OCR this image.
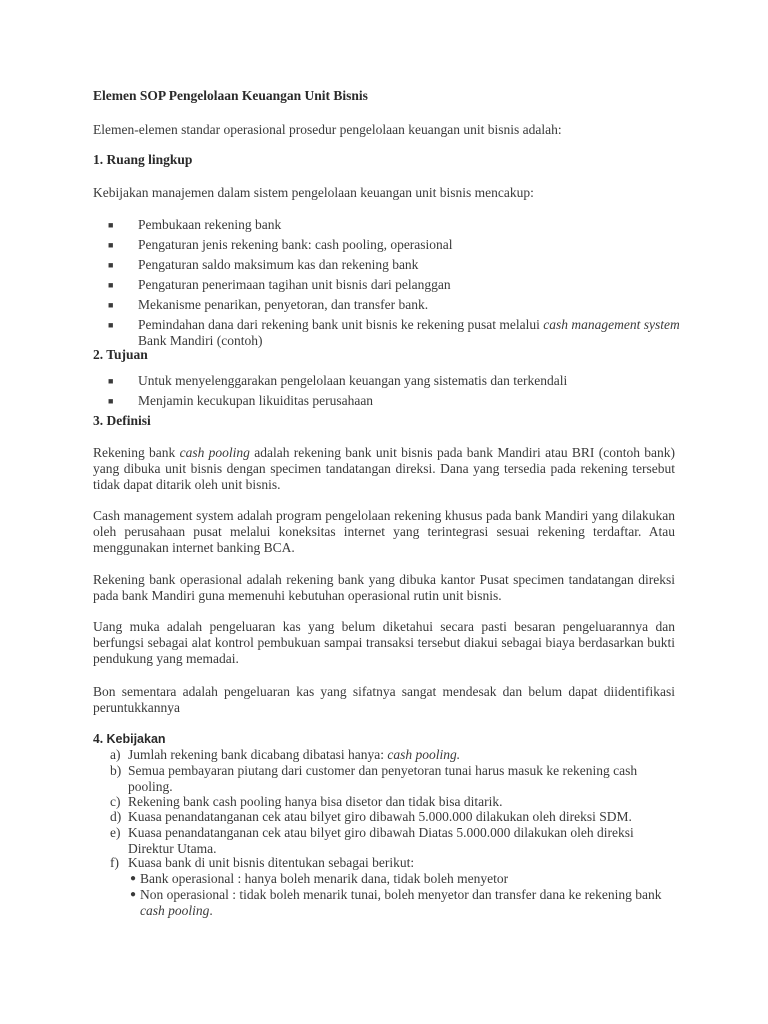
Elemen SOP Pengelolaan Keuangan Unit Bisnis
Elemen-elemen standar operasional prosedur pengelolaan keuangan unit bisnis adalah:
1. Ruang lingkup
Kebijakan manajemen dalam sistem pengelolaan keuangan unit bisnis mencakup:
■ Pembukaan rekening bank
■ Pengaturan jenis rekening bank: cash pooling, operasional
■ Pengaturan saldo maksimum kas dan rekening bank
■ Pengaturan penerimaan tagihan unit bisnis dari pelanggan
■ Mekanisme penarikan, penyetoran, dan transfer bank.
■ Pemindahan dana dari rekening bank unit bisnis ke rekening pusat melalui cash management system Bank Mandiri (contoh)
2. Tujuan
■ Untuk menyelenggarakan pengelolaan keuangan yang sistematis dan terkendali
■ Menjamin kecukupan likuiditas perusahaan
3. Definisi
Rekening bank cash pooling adalah rekening bank unit bisnis pada bank Mandiri atau BRI (contoh bank) yang dibuka unit bisnis dengan specimen tandatangan direksi. Dana yang tersedia pada rekening tersebut tidak dapat ditarik oleh unit bisnis.
Cash management system adalah program pengelolaan rekening khusus pada bank Mandiri yang dilakukan oleh perusahaan pusat melalui koneksitas internet yang terintegrasi sesuai rekening terdaftar. Atau menggunakan internet banking BCA.
Rekening bank operasional adalah rekening bank yang dibuka kantor Pusat specimen tandatangan direksi pada bank Mandiri guna memenuhi kebutuhan operasional rutin unit bisnis.
Uang muka adalah pengeluaran kas yang belum diketahui secara pasti besaran pengeluarannya dan berfungsi sebagai alat kontrol pembukuan sampai transaksi tersebut diakui sebagai biaya berdasarkan bukti pendukung yang memadai.
Bon sementara adalah pengeluaran kas yang sifatnya sangat mendesak dan belum dapat diidentifikasi peruntukkannya
4. Kebijakan
a) Jumlah rekening bank dicabang dibatasi hanya: cash pooling.
b) Semua pembayaran piutang dari customer dan penyetoran tunai harus masuk ke rekening cash pooling.
c) Rekening bank cash pooling hanya bisa disetor dan tidak bisa ditarik.
d) Kuasa penandatanganan cek atau bilyet giro dibawah 5.000.000 dilakukan oleh direksi SDM.
e) Kuasa penandatanganan cek atau bilyet giro dibawah Diatas 5.000.000 dilakukan oleh direksi Direktur Utama.
f) Kuasa bank di unit bisnis ditentukan sebagai berikut:
● Bank operasional : hanya boleh menarik dana, tidak boleh menyetor
● Non operasional : tidak boleh menarik tunai, boleh menyetor dan transfer dana ke rekening bank cash pooling.
